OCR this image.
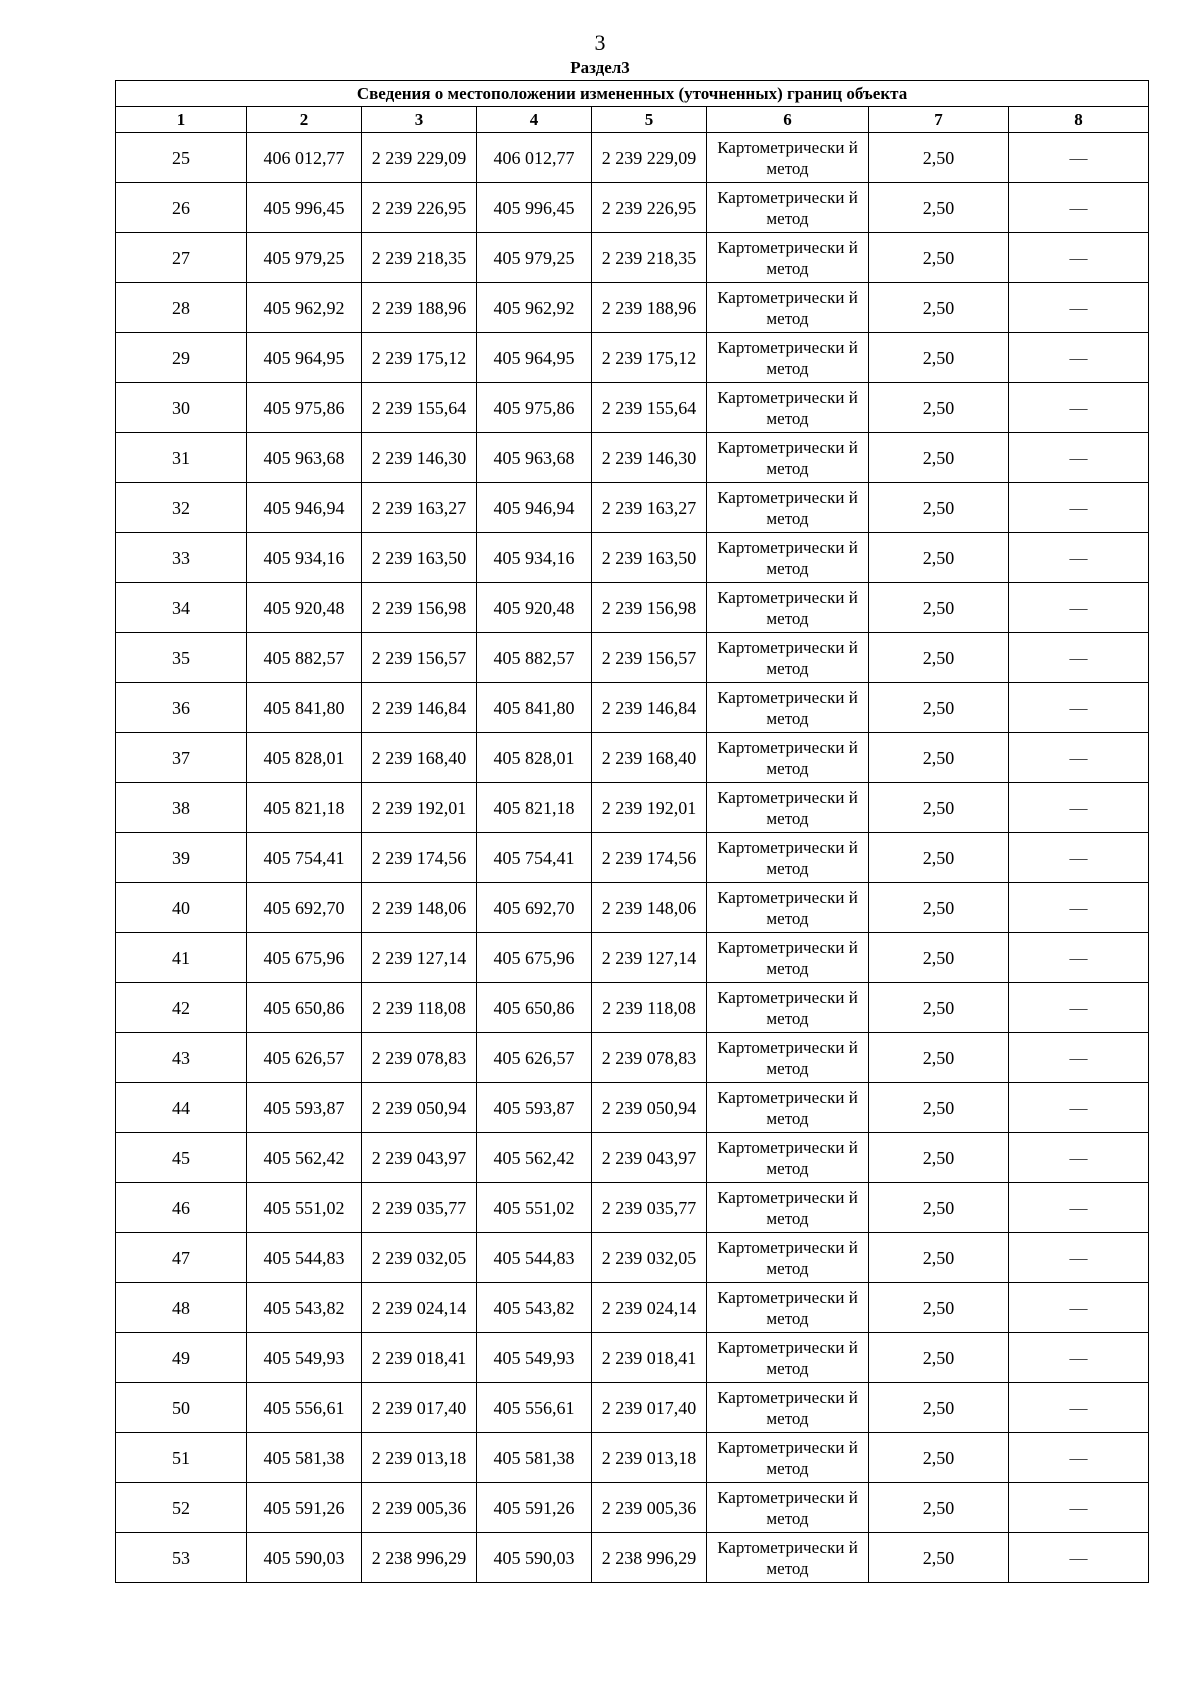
3
Раздел3
Сведения о местоположении измененных (уточненных) границ объекта							
1	2	3	4	5	6	7	8
25	406 012,77	2 239 229,09	406 012,77	2 239 229,09	Картометрически й метод	2,50	—
26	405 996,45	2 239 226,95	405 996,45	2 239 226,95	Картометрически й метод	2,50	—
27	405 979,25	2 239 218,35	405 979,25	2 239 218,35	Картометрически й метод	2,50	—
28	405 962,92	2 239 188,96	405 962,92	2 239 188,96	Картометрически й метод	2,50	—
29	405 964,95	2 239 175,12	405 964,95	2 239 175,12	Картометрически й метод	2,50	—
30	405 975,86	2 239 155,64	405 975,86	2 239 155,64	Картометрически й метод	2,50	—
31	405 963,68	2 239 146,30	405 963,68	2 239 146,30	Картометрически й метод	2,50	—
32	405 946,94	2 239 163,27	405 946,94	2 239 163,27	Картометрически й метод	2,50	—
33	405 934,16	2 239 163,50	405 934,16	2 239 163,50	Картометрически й метод	2,50	—
34	405 920,48	2 239 156,98	405 920,48	2 239 156,98	Картометрически й метод	2,50	—
35	405 882,57	2 239 156,57	405 882,57	2 239 156,57	Картометрически й метод	2,50	—
36	405 841,80	2 239 146,84	405 841,80	2 239 146,84	Картометрически й метод	2,50	—
37	405 828,01	2 239 168,40	405 828,01	2 239 168,40	Картометрически й метод	2,50	—
38	405 821,18	2 239 192,01	405 821,18	2 239 192,01	Картометрически й метод	2,50	—
39	405 754,41	2 239 174,56	405 754,41	2 239 174,56	Картометрически й метод	2,50	—
40	405 692,70	2 239 148,06	405 692,70	2 239 148,06	Картометрически й метод	2,50	—
41	405 675,96	2 239 127,14	405 675,96	2 239 127,14	Картометрически й метод	2,50	—
42	405 650,86	2 239 118,08	405 650,86	2 239 118,08	Картометрически й метод	2,50	—
43	405 626,57	2 239 078,83	405 626,57	2 239 078,83	Картометрически й метод	2,50	—
44	405 593,87	2 239 050,94	405 593,87	2 239 050,94	Картометрически й метод	2,50	—
45	405 562,42	2 239 043,97	405 562,42	2 239 043,97	Картометрически й метод	2,50	—
46	405 551,02	2 239 035,77	405 551,02	2 239 035,77	Картометрически й метод	2,50	—
47	405 544,83	2 239 032,05	405 544,83	2 239 032,05	Картометрически й метод	2,50	—
48	405 543,82	2 239 024,14	405 543,82	2 239 024,14	Картометрически й метод	2,50	—
49	405 549,93	2 239 018,41	405 549,93	2 239 018,41	Картометрически й метод	2,50	—
50	405 556,61	2 239 017,40	405 556,61	2 239 017,40	Картометрически й метод	2,50	—
51	405 581,38	2 239 013,18	405 581,38	2 239 013,18	Картометрически й метод	2,50	—
52	405 591,26	2 239 005,36	405 591,26	2 239 005,36	Картометрически й метод	2,50	—
53	405 590,03	2 238 996,29	405 590,03	2 238 996,29	Картометрически й метод	2,50	—
